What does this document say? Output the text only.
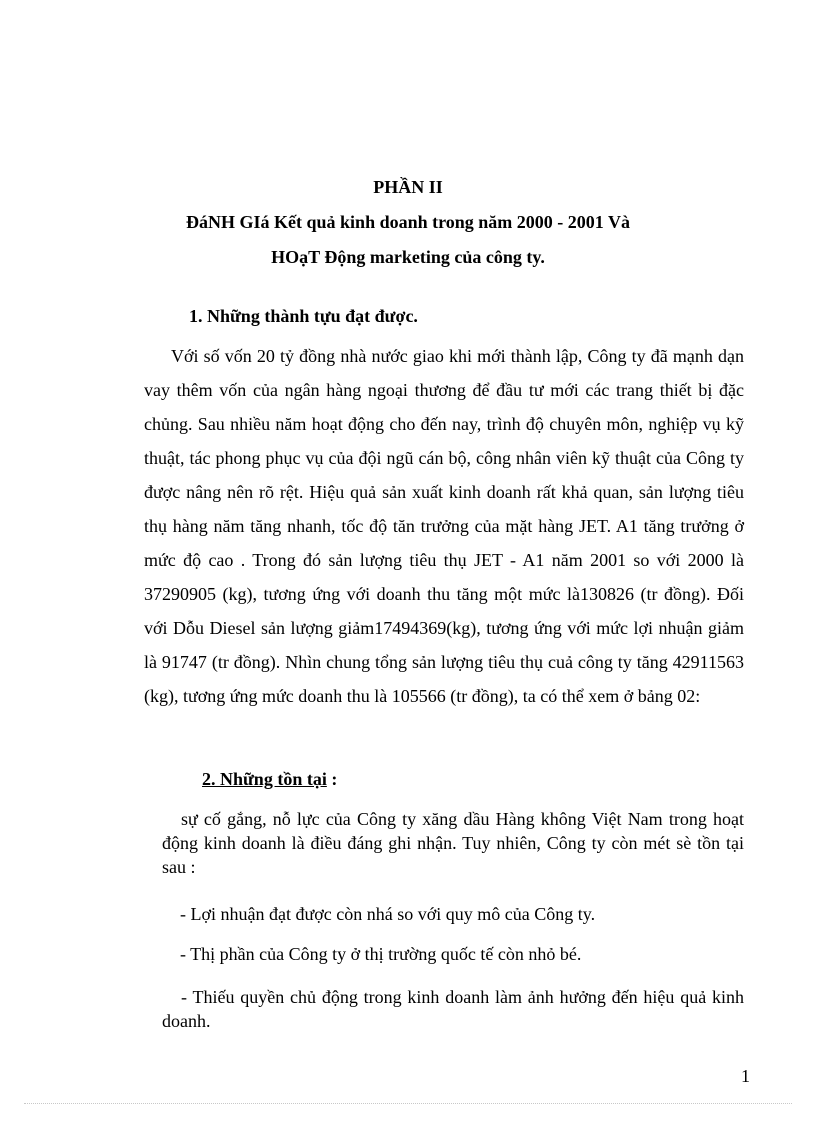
PHẦN II

ĐáNH GIá Kết quả kinh doanh trong năm 2000 - 2001 Và

HOạT Động marketing của công ty.

1. Những thành tựu đạt được.

Với số vốn 20 tỷ đồng nhà nước giao khi mới thành lập, Công ty đã mạnh dạn vay thêm vốn của ngân hàng ngoại thương để đầu tư mới các trang thiết bị đặc chủng. Sau nhiều năm hoạt động cho đến nay, trình độ chuyên môn, nghiệp vụ kỹ thuật, tác phong phục vụ của đội ngũ cán bộ, công nhân viên kỹ thuật của Công ty được nâng nên rõ rệt. Hiệu quả sản xuất kinh doanh rất khả quan, sản lượng tiêu thụ hàng năm tăng nhanh, tốc độ tăn trưởng của mặt hàng JET. A1 tăng trưởng ở mức độ cao . Trong đó sản lượng tiêu thụ JET - A1 năm 2001 so với 2000 là 37290905 (kg), tương ứng với doanh thu tăng một mức là130826 (tr đồng). Đối với Dỗu Diesel sản lượng giảm17494369(kg), tương ứng với mức lợi nhuận giảm là 91747 (tr đồng). Nhìn chung tổng sản lượng tiêu thụ cuả công ty tăng 42911563 (kg), tương ứng mức doanh thu là 105566 (tr đồng), ta có thể xem ở bảng 02:

2. Những tồn tại :

sự cố gắng, nỗ lực của Công ty xăng dầu Hàng không Việt Nam trong hoạt động kinh doanh là điều đáng ghi nhận. Tuy nhiên, Công ty còn mét sè tồn tại sau :

- Lợi nhuận đạt được còn nhá so với quy mô của Công ty.

- Thị phần của Công ty ở thị trường quốc tế còn nhỏ bé.

- Thiếu quyền chủ động trong kinh doanh làm ảnh hưởng đến hiệu quả kinh doanh.

1
